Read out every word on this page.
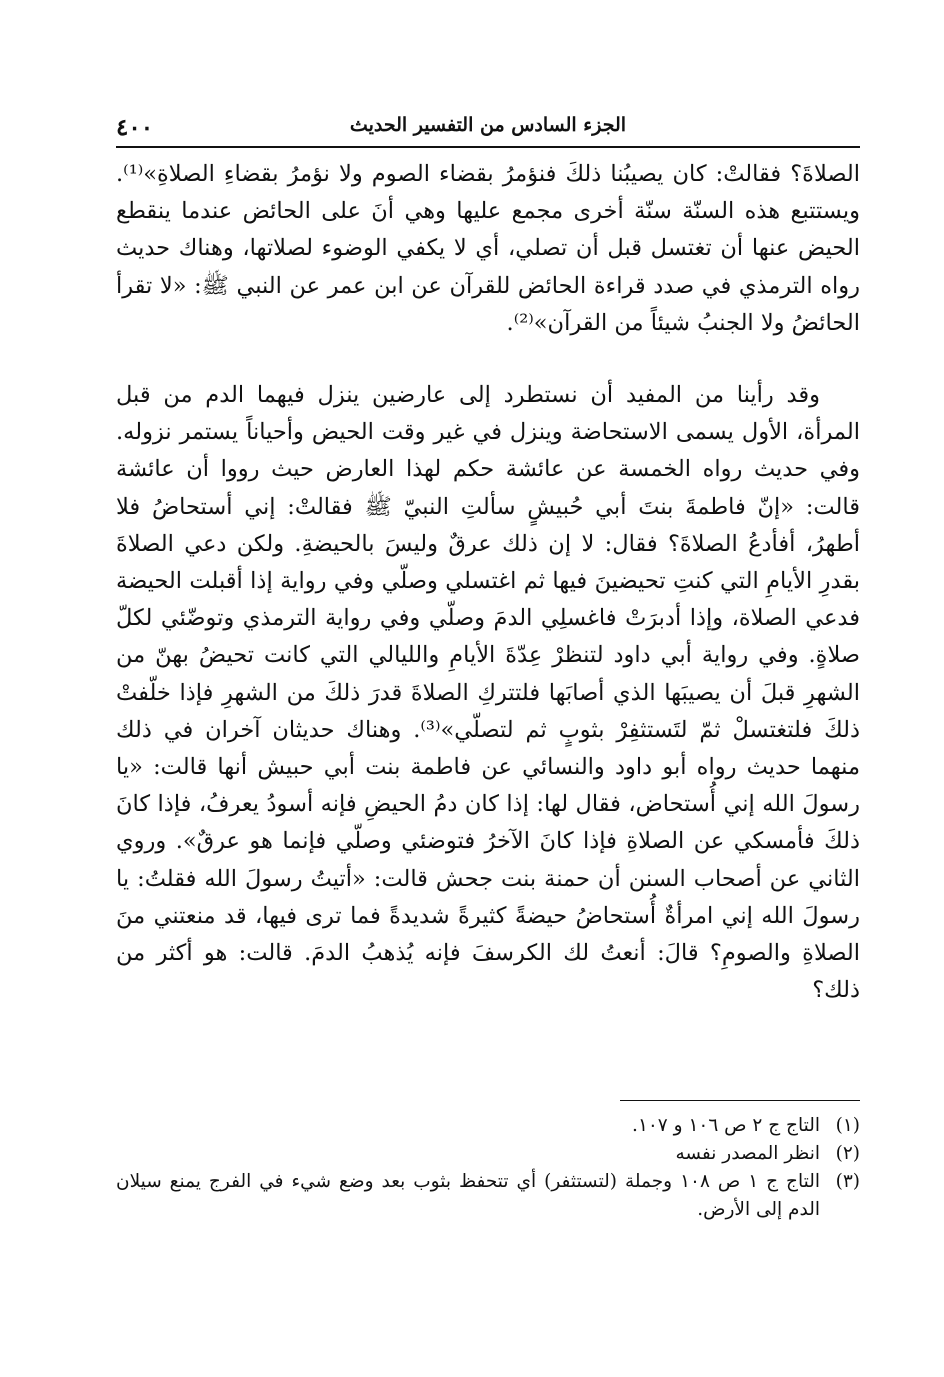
٤٠٠	الجزء السادس من التفسير الحديث

الصلاةَ؟ فقالتْ: كان يصيبُنا ذلكَ فنؤمرُ بقضاء الصوم ولا نؤمرُ بقضاءِ الصلاةِ»⁽¹⁾. ويستتبع هذه السنّة سنّة أخرى مجمع عليها وهي أنَ على الحائض عندما ينقطع الحيض عنها أن تغتسل قبل أن تصلي، أي لا يكفي الوضوء لصلاتها، وهناك حديث رواه الترمذي في صدد قراءة الحائض للقرآن عن ابن عمر عن النبي ﷺ: «لا تقرأ الحائضُ ولا الجنبُ شيئاً من القرآن»⁽²⁾.

وقد رأينا من المفيد أن نستطرد إلى عارضين ينزل فيهما الدم من قبل المرأة، الأول يسمى الاستحاضة وينزل في غير وقت الحيض وأحياناً يستمر نزوله. وفي حديث رواه الخمسة عن عائشة حكم لهذا العارض حيث رووا أن عائشة قالت: «إنّ فاطمةَ بنتَ أبي حُبيشٍ سألتِ النبيّ ﷺ فقالتْ: إني أستحاضُ فلا أطهرُ، أفأدعُ الصلاةَ؟ فقال: لا إن ذلك عرقٌ وليسَ بالحيضةِ. ولكن دعي الصلاةَ بقدرِ الأيامِ التي كنتِ تحيضينَ فيها ثم اغتسلي وصلّي وفي رواية إذا أقبلت الحيضة فدعي الصلاة، وإذا أدبرَتْ فاغسلِي الدمَ وصلّي وفي رواية الترمذي وتوضّئي لكلّ صلاةٍ. وفي رواية أبي داود لتنظرْ عِدّةَ الأيامِ والليالي التي كانت تحيضُ بهنّ من الشهرِ قبلَ أن يصيبَها الذي أصابَها فلتتركِ الصلاةَ قدرَ ذلكَ من الشهرِ فإذا خلّفتْ ذلكَ فلتغتسلْ ثمّ لتَستثفِرْ بثوبٍ ثم لتصلّي»⁽³⁾. وهناك حديثان آخران في ذلك منهما حديث رواه أبو داود والنسائي عن فاطمة بنت أبي حبيش أنها قالت: «يا رسولَ الله إني أُستحاض، فقال لها: إذا كان دمُ الحيضِ فإنه أسودُ يعرفُ، فإذا كانَ ذلكَ فأمسكي عن الصلاةِ فإذا كانَ الآخرُ فتوضئي وصلّي فإنما هو عرقٌ». وروي الثاني عن أصحاب السنن أن حمنة بنت جحش قالت: «أتيتُ رسولَ الله فقلتُ: يا رسولَ الله إني امرأةٌ أُستحاضُ حيضةً كثيرةً شديدةً فما ترى فيها، قد منعتني منَ الصلاةِ والصومِ؟ قالَ: أنعتُ لك الكرسفَ فإنه يُذهبُ الدمَ. قالت: هو أكثر من ذلك؟

(١)
التاج ج ٢ ص ١٠٦ و ١٠٧.

(٢)
انظر المصدر نفسه

(٣)
التاج ج ١ ص ١٠٨ وجملة (لتستثفر) أي تتحفظ بثوب بعد وضع شيء في الفرج يمنع سيلان الدم إلى الأرض.
